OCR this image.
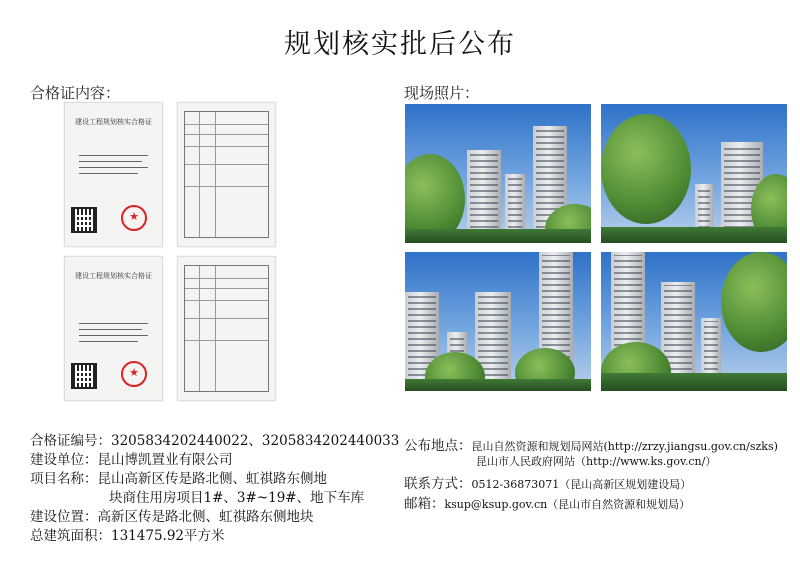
规划核实批后公布
合格证内容：	现场照片：
建设工程规划核实合格证
★
建设工程规划核实合格证
★
合格证编号：3205834202440022、3205834202440033
建设单位：昆山博凯置业有限公司
项目名称：昆山高新区传是路北侧、虹祺路东侧地
块商住用房项目1#、3#~19#、地下车库
建设位置：高新区传是路北侧、虹祺路东侧地块
总建筑面积：131475.92平方米
公布地点：昆山自然资源和规划局网站(http://zrzy.jiangsu.gov.cn/szks)
昆山市人民政府网站（http://www.ks.gov.cn/）
联系方式：0512-36873071（昆山高新区规划建设局）
邮箱：ksup@ksup.gov.cn（昆山市自然资源和规划局）
